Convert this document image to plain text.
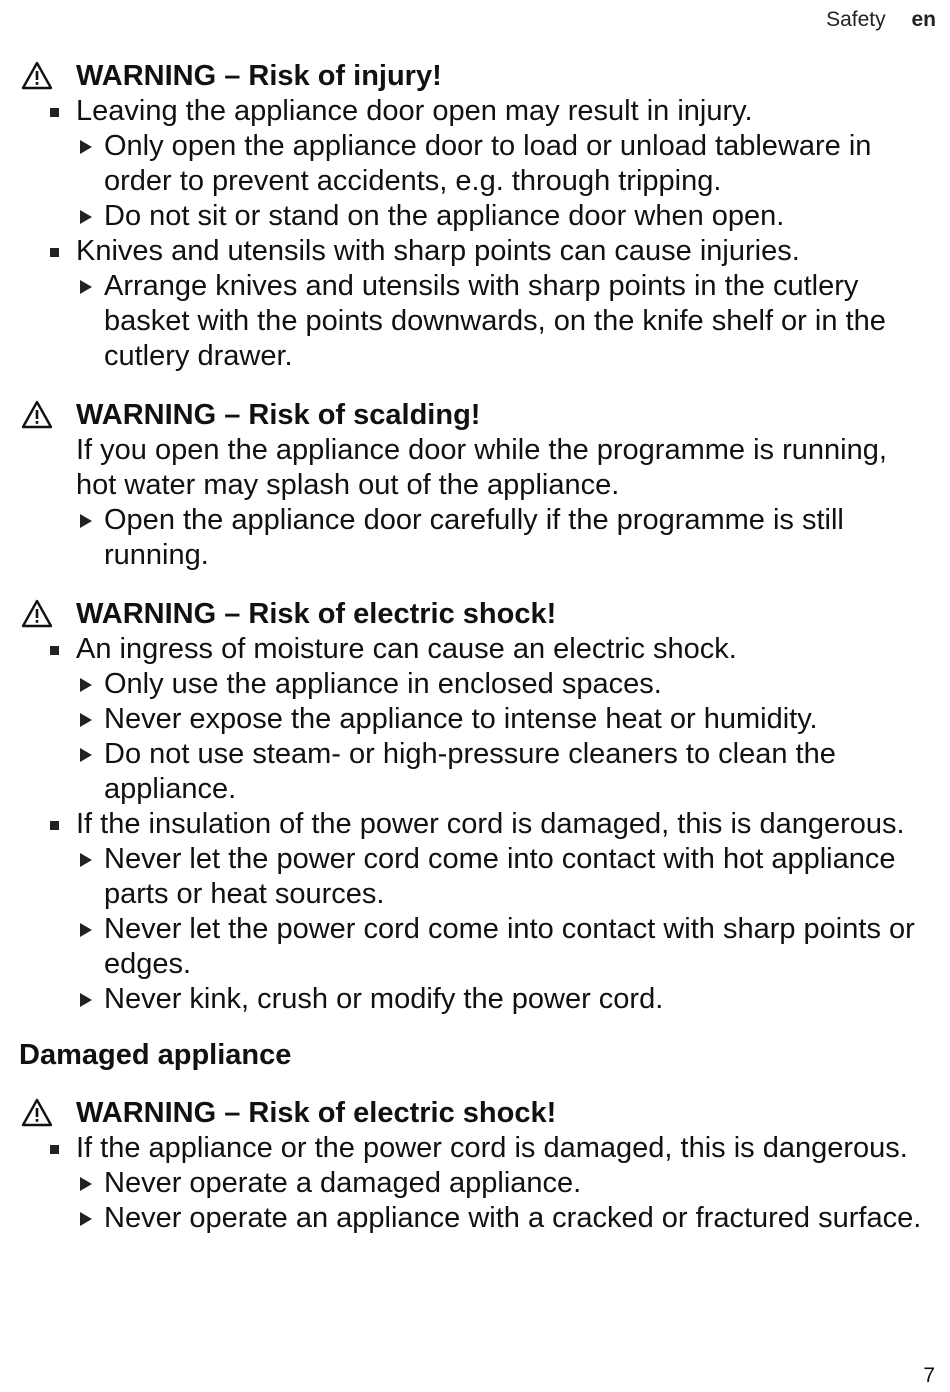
Safety en
WARNING – Risk of injury!
Leaving the appliance door open may result in injury.
Only open the appliance door to load or unload tableware in order to prevent accidents, e.g. through tripping.
Do not sit or stand on the appliance door when open.
Knives and utensils with sharp points can cause injuries.
Arrange knives and utensils with sharp points in the cutlery basket with the points downwards, on the knife shelf or in the cutlery drawer.
WARNING – Risk of scalding!
If you open the appliance door while the programme is running, hot water may splash out of the appliance.
Open the appliance door carefully if the programme is still running.
WARNING – Risk of electric shock!
An ingress of moisture can cause an electric shock.
Only use the appliance in enclosed spaces.
Never expose the appliance to intense heat or humidity.
Do not use steam- or high-pressure cleaners to clean the appliance.
If the insulation of the power cord is damaged, this is dangerous.
Never let the power cord come into contact with hot appliance parts or heat sources.
Never let the power cord come into contact with sharp points or edges.
Never kink, crush or modify the power cord.
Damaged appliance
WARNING – Risk of electric shock!
If the appliance or the power cord is damaged, this is dangerous.
Never operate a damaged appliance.
Never operate an appliance with a cracked or fractured surface.
7
